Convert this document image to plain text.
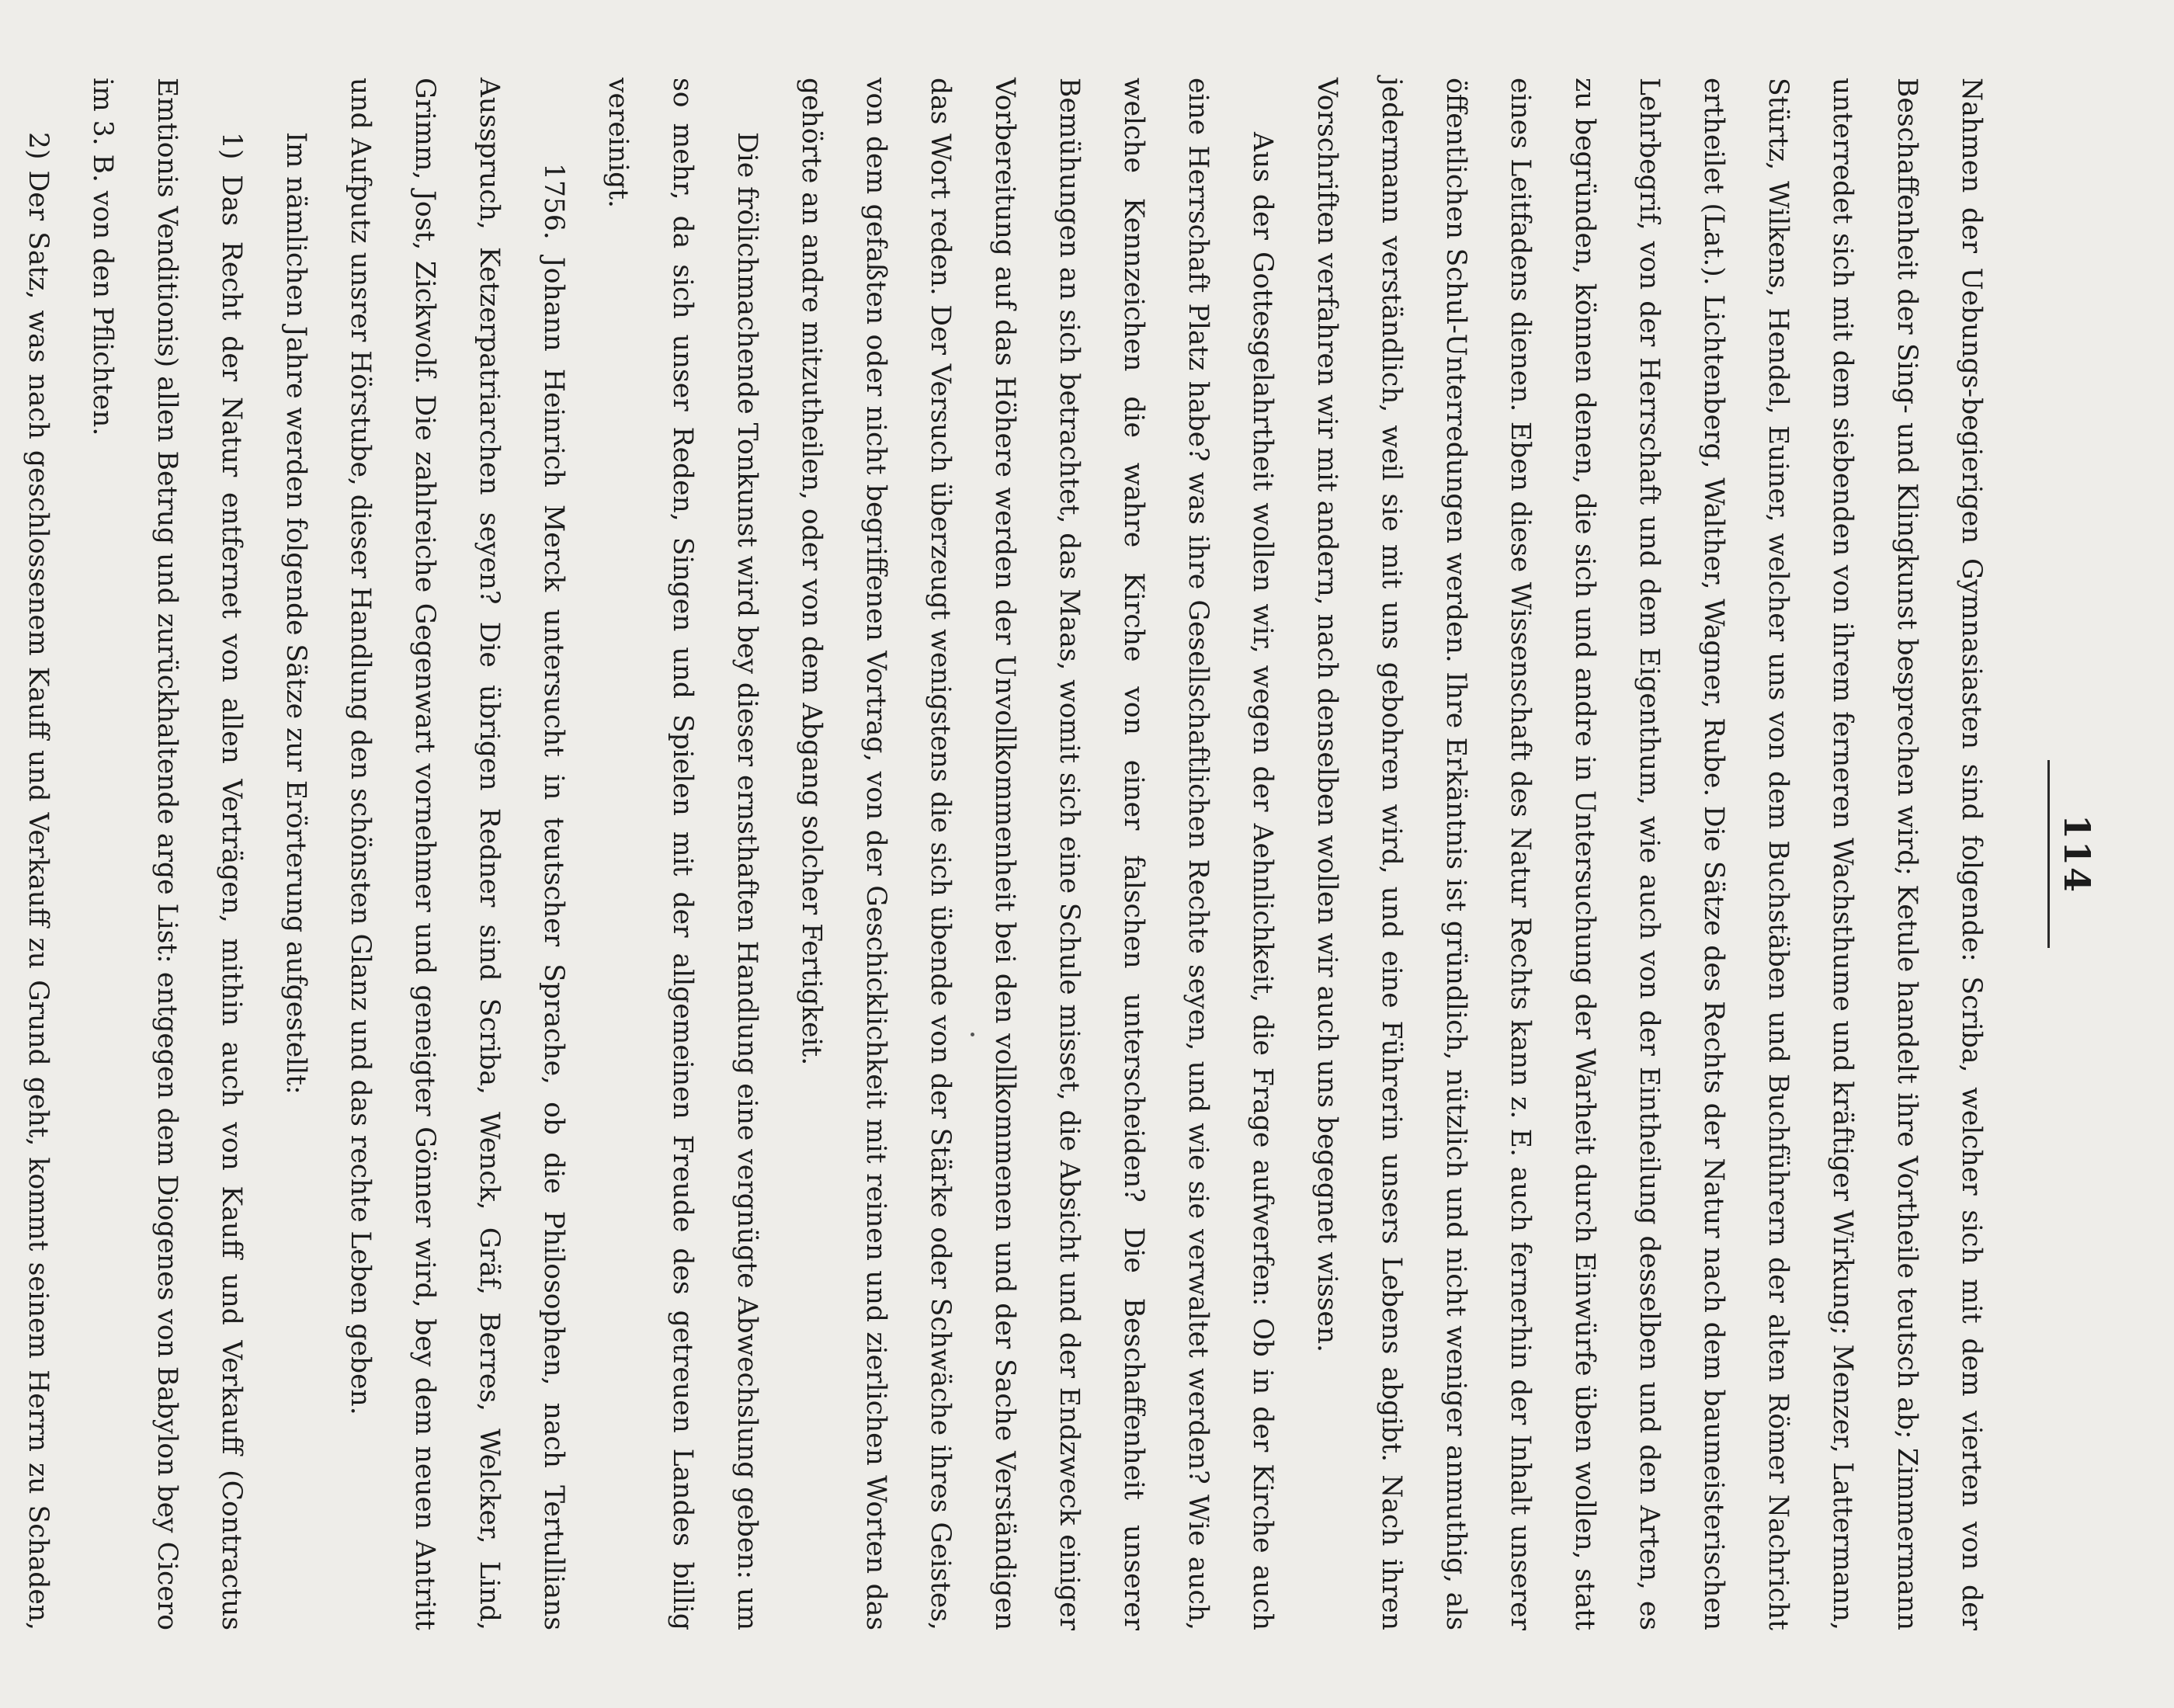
114

Nahmen der Uebungs-begierigen Gymnasiasten sind folgende: Scriba, welcher sich mit dem vierten von der Beschaffenheit der Sing- und Klingkunst besprechen wird; Ketule handelt ihre Vortheile teutsch ab; Zimmermann unterredet sich mit dem siebenden von ihrem ferneren Wachsthume und kräftiger Wirkung; Menzer, Lattermann, Stürtz, Wilkens, Hendel, Euiner, welcher uns von dem Buchstäben und Buchführern der alten Römer Nachricht ertheilet (Lat.). Lichtenberg, Walther, Wagner, Rube. Die Sätze des Rechts der Natur nach dem baumeisterischen Lehrbegrif, von der Herrschaft und dem Eigenthum, wie auch von der Eintheilung desselben und den Arten, es zu begründen, können denen, die sich und andre in Untersuchung der Warheit durch Einwürfe üben wollen, statt eines Leitfadens dienen. Eben diese Wissenschaft des Natur Rechts kann z. E. auch fernerhin der Inhalt unserer öffentlichen Schul-Unterredungen werden. Ihre Erkäntnis ist gründlich, nützlich und nicht weniger anmuthig, als jedermann verständlich, weil sie mit uns gebohren wird, und eine Führerin unsers Lebens abgibt. Nach ihren Vorschriften verfahren wir mit andern, nach denselben wollen wir auch uns begegnet wissen.

Aus der Gottesgelahrtheit wollen wir, wegen der Aehnlichkeit, die Frage aufwerfen: Ob in der Kirche auch eine Herrschaft Platz habe? was ihre Gesellschaftlichen Rechte seyen, und wie sie verwaltet werden? Wie auch, welche Kennzeichen die wahre Kirche von einer falschen unterscheiden? Die Beschaffenheit unserer Bemühungen an sich betrachtet, das Maas, womit sich eine Schule misset, die Absicht und der Endzweck einiger Vorbereitung auf das Höhere werden der Unvollkommenheit bei den vollkommenen und der Sache Verständigen das Wort reden. Der Versuch überzeugt wenigstens die sich übende von der Stärke oder Schwäche ihres Geistes, von dem gefaßten oder nicht begriffenen Vortrag, von der Geschicklichkeit mit reinen und zierlichen Worten das gehörte an andre mitzutheilen, oder von dem Abgang solcher Fertigkeit.

Die frölichmachende Tonkunst wird bey dieser ernsthaften Handlung eine vergnügte Abwechslung geben: um so mehr, da sich unser Reden, Singen und Spielen mit der allgemeinen Freude des getreuen Landes billig vereinigt.

1756. Johann Heinrich Merck untersucht in teutscher Sprache, ob die Philosophen, nach Tertullians Ausspruch, Ketzerpatriarchen seyen? Die übrigen Redner sind Scriba, Wenck, Gräf, Berres, Welcker, Lind, Grimm, Jost, Zickwolf. Die zahlreiche Gegenwart vornehmer und geneigter Gönner wird, bey dem neuen Antritt und Aufputz unsrer Hörstube, dieser Handlung den schönsten Glanz und das rechte Leben geben.

Im nämlichen Jahre werden folgende Sätze zur Erörterung aufgestellt:

1) Das Recht der Natur entfernet von allen Verträgen, mithin auch von Kauff und Verkauff (Contractus Emtionis Venditionis) allen Betrug und zurückhaltende arge List: entgegen dem Diogenes von Babylon bey Cicero im 3. B. von den Pflichten.

2) Der Satz, was nach geschlossenem Kauff und Verkauff zu Grund geht, kommt seinem Herrn zu Schaden,
